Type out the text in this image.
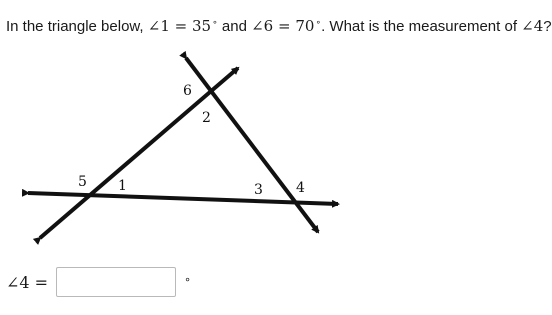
In the triangle below, ∠1 = 35∘ and ∠6 = 70∘. What is the measurement of ∠4?
6
2
5 1	3 4
∠4 =	∘
